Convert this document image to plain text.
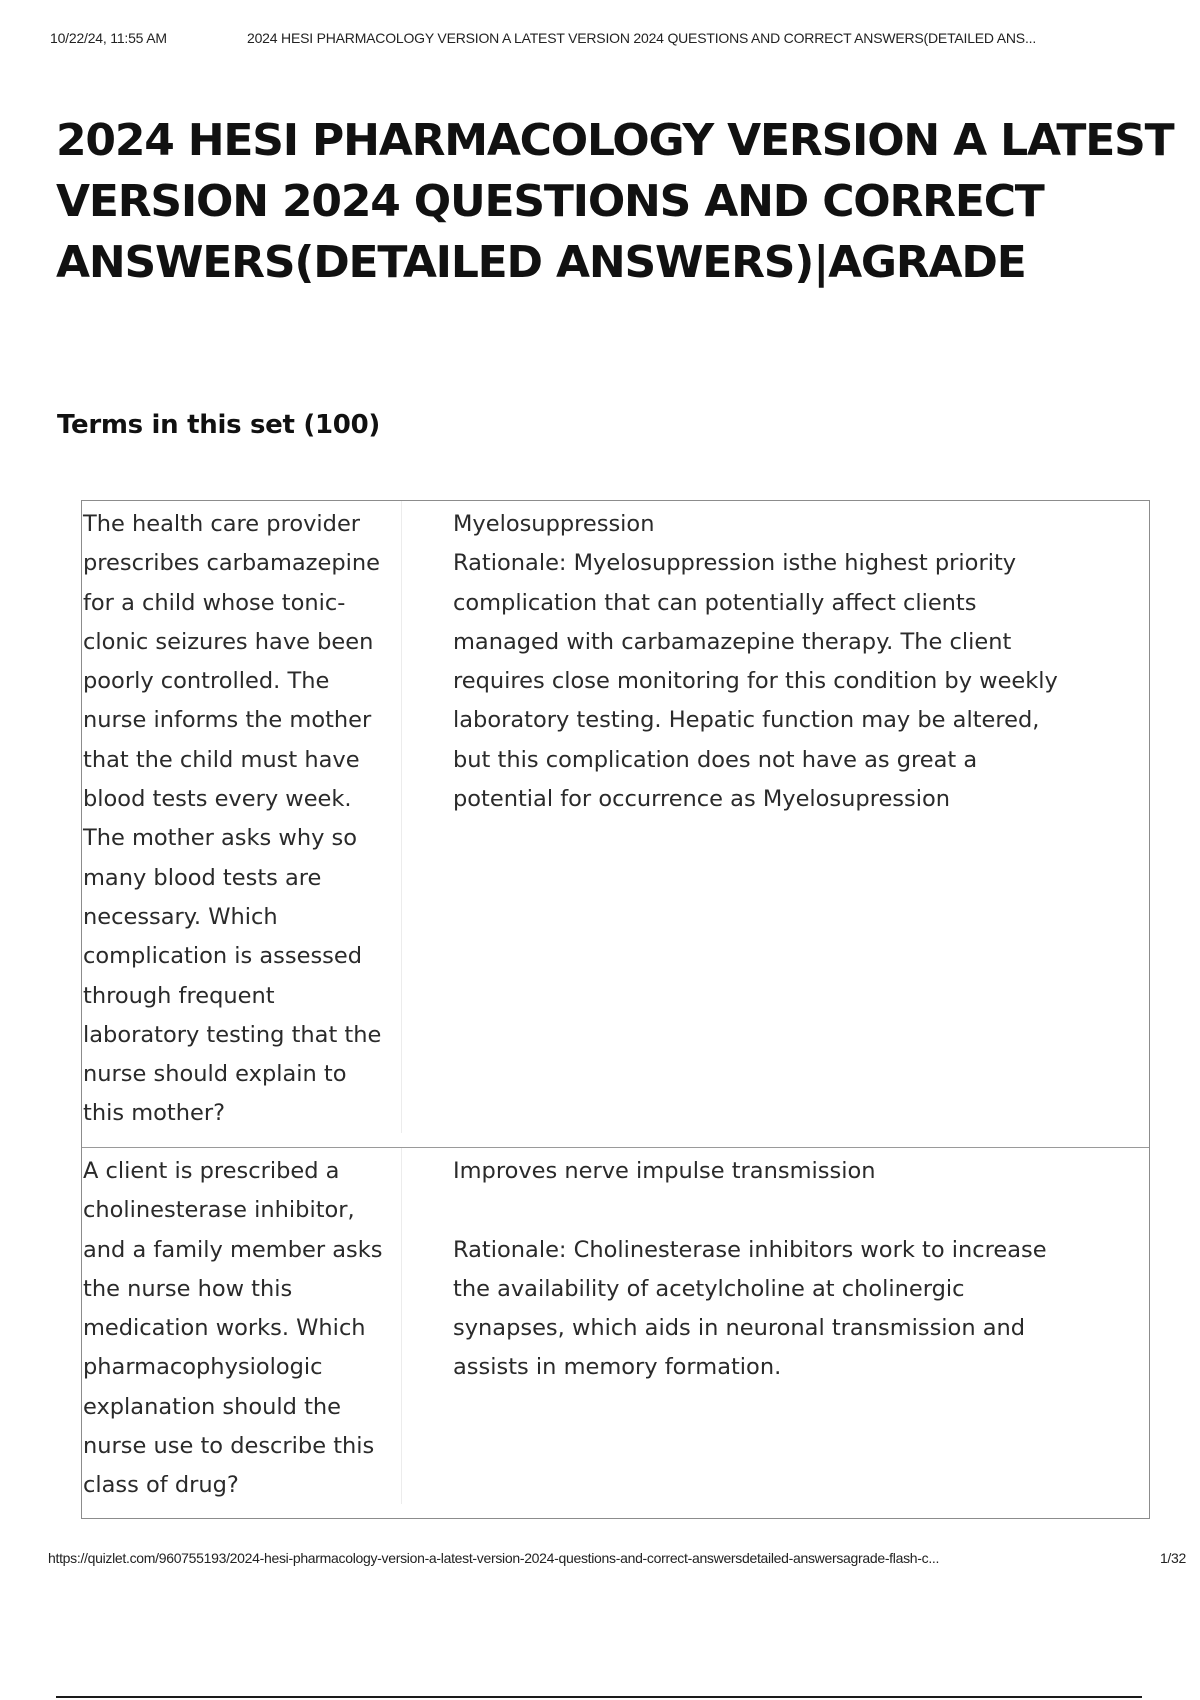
10/22/24, 11:55 AM	2024 HESI PHARMACOLOGY VERSION A LATEST VERSION 2024 QUESTIONS AND CORRECT ANSWERS(DETAILED ANS...
2024 HESI PHARMACOLOGY VERSION A LATEST VERSION 2024 QUESTIONS AND CORRECT ANSWERS(DETAILED ANSWERS)|AGRADE
Terms in this set (100)
The health care provider
prescribes carbamazepine
for a child whose tonic-
clonic seizures have been
poorly controlled. The
nurse informs the mother
that the child must have
blood tests every week.
The mother asks why so
many blood tests are
necessary. Which
complication is assessed
through frequent
laboratory testing that the
nurse should explain to
this mother?
Myelosuppression
Rationale: Myelosuppression isthe highest priority
complication that can potentially affect clients
managed with carbamazepine therapy. The client
requires close monitoring for this condition by weekly
laboratory testing. Hepatic function may be altered,
but this complication does not have as great a
potential for occurrence as Myelosupression
A client is prescribed a
cholinesterase inhibitor,
and a family member asks
the nurse how this
medication works. Which
pharmacophysiologic
explanation should the
nurse use to describe this
class of drug?
Improves nerve impulse transmission

Rationale: Cholinesterase inhibitors work to increase
the availability of acetylcholine at cholinergic
synapses, which aids in neuronal transmission and
assists in memory formation.
https://quizlet.com/960755193/2024-hesi-pharmacology-version-a-latest-version-2024-questions-and-correct-answersdetailed-answersagrade-flash-c...	1/32
